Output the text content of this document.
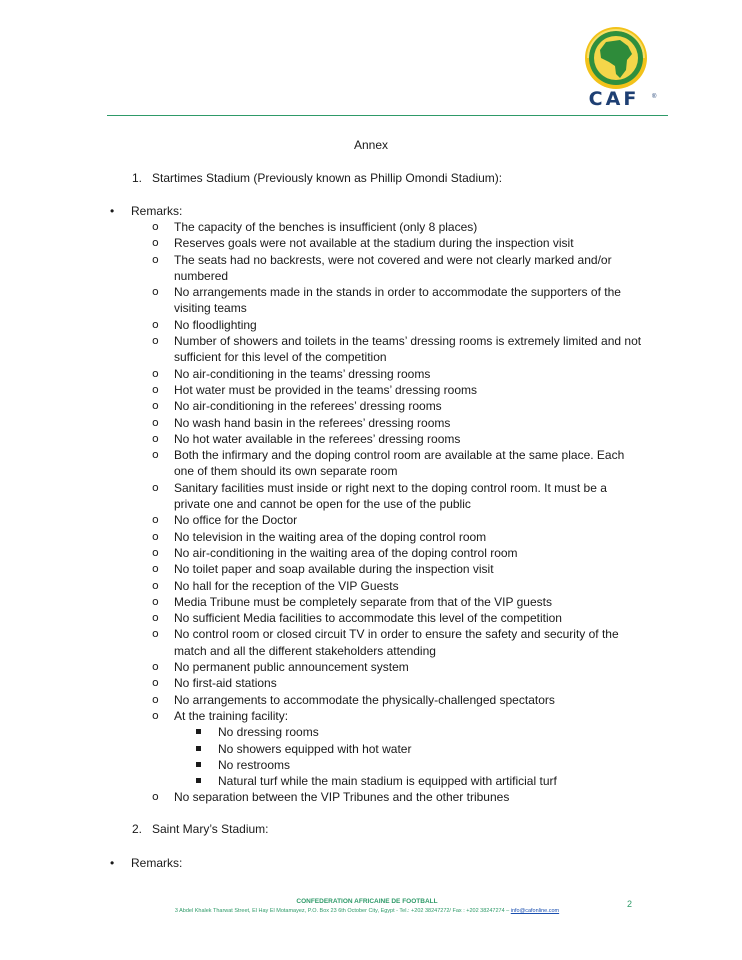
CAF	®
Annex
1. Startimes Stadium (Previously known as Phillip Omondi Stadium):
• Remarks:
o The capacity of the benches is insufficient (only 8 places)
o Reserves goals were not available at the stadium during the inspection visit
o The seats had no backrests, were not covered and were not clearly marked and/or numbered
o No arrangements made in the stands in order to accommodate the supporters of the visiting teams
o No floodlighting
o Number of showers and toilets in the teams’ dressing rooms is extremely limited and not sufficient for this level of the competition
o No air-conditioning in the teams’ dressing rooms
o Hot water must be provided in the teams’ dressing rooms
o No air-conditioning in the referees’ dressing rooms
o No wash hand basin in the referees’ dressing rooms
o No hot water available in the referees’ dressing rooms
o Both the infirmary and the doping control room are available at the same place. Each one of them should its own separate room
o Sanitary facilities must inside or right next to the doping control room. It must be a private one and cannot be open for the use of the public
o No office for the Doctor
o No television in the waiting area of the doping control room
o No air-conditioning in the waiting area of the doping control room
o No toilet paper and soap available during the inspection visit
o No hall for the reception of the VIP Guests
o Media Tribune must be completely separate from that of the VIP guests
o No sufficient Media facilities to accommodate this level of the competition
o No control room or closed circuit TV in order to ensure the safety and security of the match and all the different stakeholders attending
o No permanent public announcement system
o No first-aid stations
o No arrangements to accommodate the physically-challenged spectators
o At the training facility:
No dressing rooms
No showers equipped with hot water
No restrooms
Natural turf while the main stadium is equipped with artificial turf
o No separation between the VIP Tribunes and the other tribunes
2. Saint Mary’s Stadium:
• Remarks:
CONFEDERATION AFRICAINE DE FOOTBALL
3 Abdel Khalek Tharwat Street, El Hay El Motamayez, P.O. Box 23 6th October City, Egypt - Tel.: +202 38247272/ Fax : +202 38247274 – info@cafonline.com
2
